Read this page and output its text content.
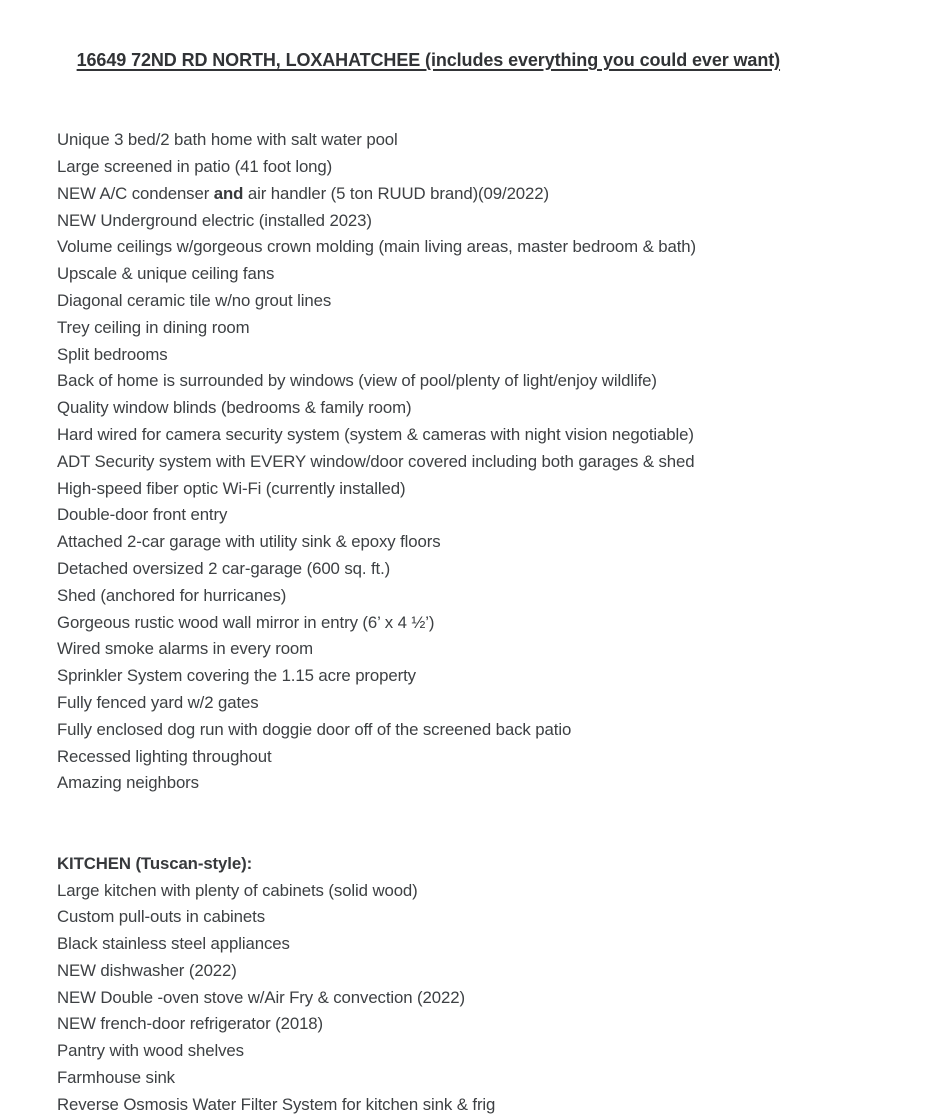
16649 72ND RD NORTH, LOXAHATCHEE (includes everything you could ever want)

Unique 3 bed/2 bath home with salt water pool
Large screened in patio (41 foot long)
NEW A/C condenser and air handler (5 ton RUUD brand)(09/2022)
NEW Underground electric (installed 2023)
Volume ceilings w/gorgeous crown molding (main living areas, master bedroom & bath)
Upscale & unique ceiling fans
Diagonal ceramic tile w/no grout lines
Trey ceiling in dining room
Split bedrooms
Back of home is surrounded by windows (view of pool/plenty of light/enjoy wildlife)
Quality window blinds (bedrooms & family room)
Hard wired for camera security system (system & cameras with night vision negotiable)
ADT Security system with EVERY window/door covered including both garages & shed
High-speed fiber optic Wi-Fi (currently installed)
Double-door front entry
Attached 2-car garage with utility sink & epoxy floors
Detached oversized 2 car-garage (600 sq. ft.)
Shed (anchored for hurricanes)
Gorgeous rustic wood wall mirror in entry (6’ x 4 ½’)
Wired smoke alarms in every room
Sprinkler System covering the 1.15 acre property
Fully fenced yard w/2 gates
Fully enclosed dog run with doggie door off of the screened back patio
Recessed lighting throughout
Amazing neighbors
KITCHEN (Tuscan-style):
Large kitchen with plenty of cabinets (solid wood)
Custom pull-outs in cabinets
Black stainless steel appliances
NEW dishwasher (2022)
NEW Double -oven stove w/Air Fry & convection (2022)
NEW french-door refrigerator (2018)
Pantry with wood shelves
Farmhouse sink
Reverse Osmosis Water Filter System for kitchen sink & frig
